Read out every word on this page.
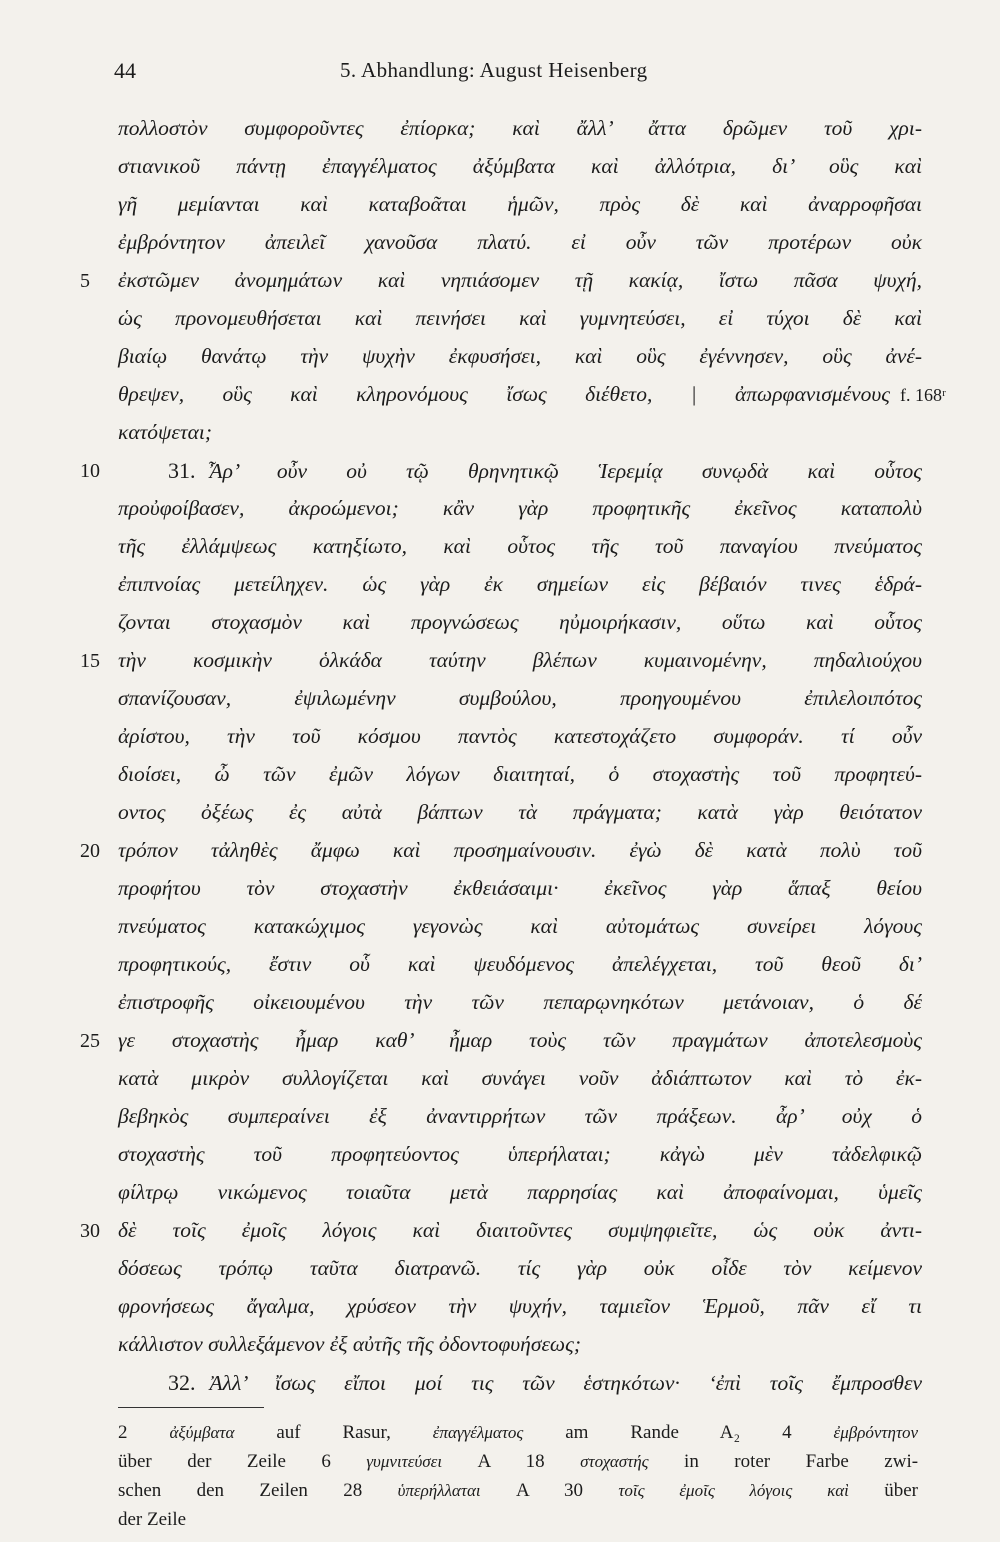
44	5. Abhandlung: August Heisenberg
πολλοστὸν συμφοροῦντες ἐπίορκα; καὶ ἄλλ’ ἄττα δρῶμεν τοῦ χρι-
στιανικοῦ πάντῃ ἐπαγγέλματος ἀξύμβατα καὶ ἀλλότρια, δι’ οὓς καὶ
γῆ μεμίανται καὶ καταβοᾶται ἡμῶν, πρὸς δὲ καὶ ἀναρροφῆσαι
ἐμβρόντητον ἀπειλεῖ χανοῦσα πλατύ. εἰ οὖν τῶν προτέρων οὐκ
5	ἐκστῶμεν ἀνομημάτων καὶ νηπιάσομεν τῇ κακίᾳ, ἴστω πᾶσα ψυχή,
ὡς προνομευθήσεται καὶ πεινήσει καὶ γυμνητεύσει, εἰ τύχοι δὲ καὶ
βιαίῳ θανάτῳ τὴν ψυχὴν ἐκφυσήσει, καὶ οὓς ἐγέννησεν, οὓς ἀνέ-
θρεψεν, οὓς καὶ κληρονόμους ἴσως διέθετο, | ἀπωρφανισμένους f. 168ʳ
κατόψεται;
10	31. Ἆρ’ οὖν οὐ τῷ θρηνητικῷ Ἱερεμίᾳ συνῳδὰ καὶ οὗτος
προὐφοίβασεν, ἀκροώμενοι; κἂν γὰρ προφητικῆς ἐκεῖνος καταπολὺ
τῆς ἐλλάμψεως κατηξίωτο, καὶ οὗτος τῆς τοῦ παναγίου πνεύματος
ἐπιπνοίας μετείληχεν. ὡς γὰρ ἐκ σημείων εἰς βέβαιόν τινες ἑδρά-
ζονται στοχασμὸν καὶ προγνώσεως ηὐμοιρήκασιν, οὕτω καὶ οὗτος
15 τὴν κοσμικὴν ὁλκάδα ταύτην βλέπων κυμαινομένην, πηδαλιούχου
σπανίζουσαν, ἐψιλωμένην συμβούλου, προηγουμένου ἐπιλελοιπότος
ἀρίστου, τὴν τοῦ κόσμου παντὸς κατεστοχάζετο συμφοράν. τί οὖν
διοίσει, ὦ τῶν ἐμῶν λόγων διαιτηταί, ὁ στοχαστὴς τοῦ προφητεύ-
οντος ὀξέως ἐς αὐτὰ βάπτων τὰ πράγματα; κατὰ γὰρ θειότατον
20 τρόπον τἀληθὲς ἄμφω καὶ προσημαίνουσιν. ἐγὼ δὲ κατὰ πολὺ τοῦ
προφήτου τὸν στοχαστὴν ἐκθειάσαιμι· ἐκεῖνος γὰρ ἅπαξ θείου
πνεύματος κατακώχιμος γεγονὼς καὶ αὐτομάτως συνείρει λόγους
προφητικούς, ἔστιν οὗ καὶ ψευδόμενος ἀπελέγχεται, τοῦ θεοῦ δι’
ἐπιστροφῆς οἰκειουμένου τὴν τῶν πεπαρῳνηκότων μετάνοιαν, ὁ δέ
25 γε στοχαστὴς ἦμαρ καθ’ ἦμαρ τοὺς τῶν πραγμάτων ἀποτελεσμοὺς
κατὰ μικρὸν συλλογίζεται καὶ συνάγει νοῦν ἀδιάπτωτον καὶ τὸ ἐκ-
βεβηκὸς συμπεραίνει ἐξ ἀναντιρρήτων τῶν πράξεων. ἆρ’ οὐχ ὁ
στοχαστὴς τοῦ προφητεύοντος ὑπερήλαται; κἀγὼ μὲν τἀδελφικῷ
φίλτρῳ νικώμενος τοιαῦτα μετὰ παρρησίας καὶ ἀποφαίνομαι, ὑμεῖς
30 δὲ τοῖς ἐμοῖς λόγοις καὶ διαιτοῦντες συμψηφιεῖτε, ὡς οὐκ ἀντι-
δόσεως τρόπῳ ταῦτα διατρανῶ. τίς γὰρ οὐκ οἶδε τὸν κείμενον
φρονήσεως ἄγαλμα, χρύσεον τὴν ψυχήν, ταμιεῖον Ἑρμοῦ, πᾶν εἴ τι
κάλλιστον συλλεξάμενον ἐξ αὐτῆς τῆς ὀδοντοφυήσεως;
32. Ἀλλ’ ἴσως εἴποι μοί τις τῶν ἑστηκότων· ‘ἐπὶ τοῖς ἔμπροσθεν
2 ἀξύμβατα auf Rasur, ἐπαγγέλματος am Rande A₂ 4 ἐμβρόντητον
über der Zeile 6 γυμνιτεύσει A 18 στοχαστής in roter Farbe zwi-
schen den Zeilen 28 ὑπερήλλαται A 30 τοῖς ἐμοῖς λόγοις καὶ über
der Zeile
